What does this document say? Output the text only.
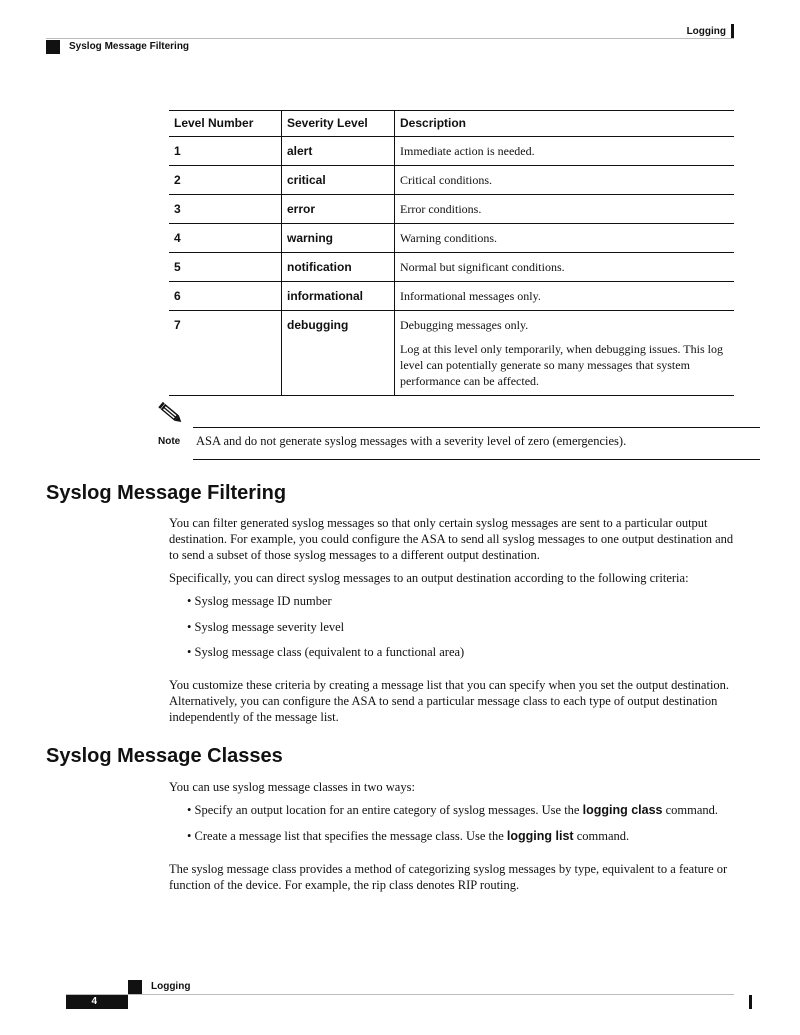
Logging
Syslog Message Filtering
Level Number	Severity Level	Description
1	alert	Immediate action is needed.
2	critical	Critical conditions.
3	error	Error conditions.
4	warning	Warning conditions.
5	notification	Normal but significant conditions.
6	informational	Informational messages only.
7	debugging	Debugging messages only.

Log at this level only temporarily, when debugging issues. This log level can potentially generate so many messages that system performance can be affected.

Note ASA and do not generate syslog messages with a severity level of zero (emergencies).
Syslog Message Filtering

You can filter generated syslog messages so that only certain syslog messages are sent to a particular output destination. For example, you could configure the ASA to send all syslog messages to one output destination and to send a subset of those syslog messages to a different output destination.

Specifically, you can direct syslog messages to an output destination according to the following criteria:

• Syslog message ID number
• Syslog message severity level
• Syslog message class (equivalent to a functional area)

You customize these criteria by creating a message list that you can specify when you set the output destination. Alternatively, you can configure the ASA to send a particular message class to each type of output destination independently of the message list.

Syslog Message Classes

You can use syslog message classes in two ways:

• Specify an output location for an entire category of syslog messages. Use the logging class command.
• Create a message list that specifies the message class. Use the logging list command.

The syslog message class provides a method of categorizing syslog messages by type, equivalent to a feature or function of the device. For example, the rip class denotes RIP routing.

Logging
4
